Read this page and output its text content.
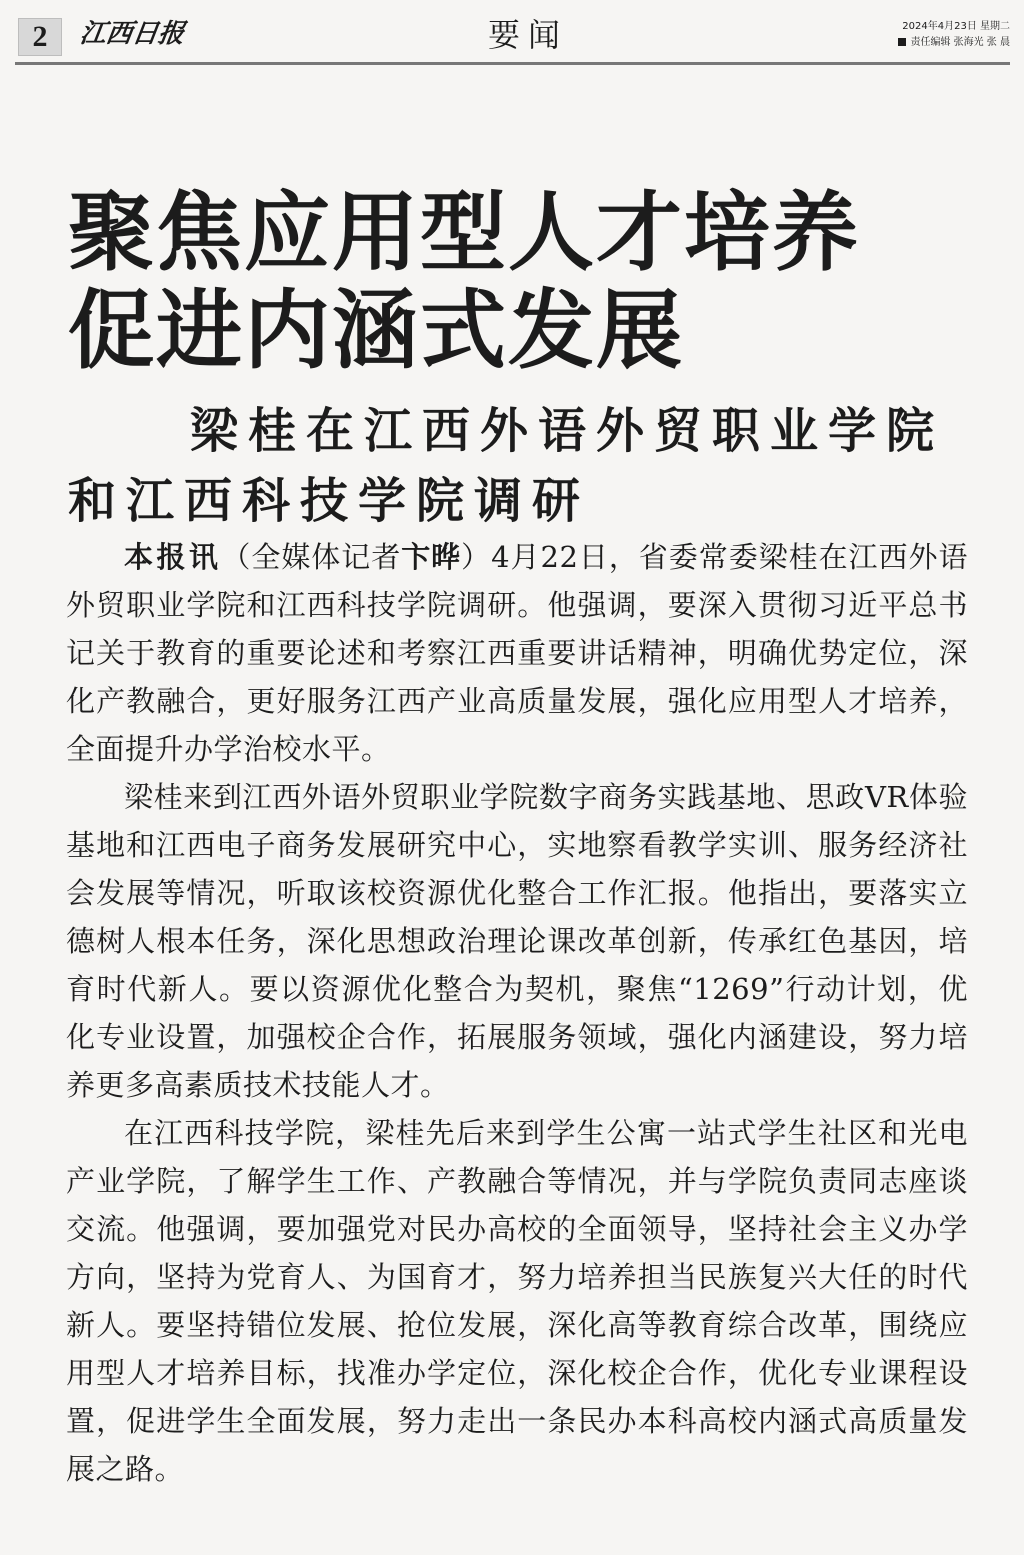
2	江西日报	要闻	2024年4月23日 星期二
责任编辑 张海光 张 晨
聚焦应用型人才培养
促进内涵式发展
梁桂在江西外语外贸职业学院
和江西科技学院调研

本报讯（全媒体记者卞晔）4月22日，省委常委梁桂在江西外语外贸职业学院和江西科技学院调研。他强调，要深入贯彻习近平总书记关于教育的重要论述和考察江西重要讲话精神，明确优势定位，深化产教融合，更好服务江西产业高质量发展，强化应用型人才培养，全面提升办学治校水平。

梁桂来到江西外语外贸职业学院数字商务实践基地、思政VR体验基地和江西电子商务发展研究中心，实地察看教学实训、服务经济社会发展等情况，听取该校资源优化整合工作汇报。他指出，要落实立德树人根本任务，深化思想政治理论课改革创新，传承红色基因，培育时代新人。要以资源优化整合为契机，聚焦“1269”行动计划，优化专业设置，加强校企合作，拓展服务领域，强化内涵建设，努力培养更多高素质技术技能人才。

在江西科技学院，梁桂先后来到学生公寓一站式学生社区和光电产业学院，了解学生工作、产教融合等情况，并与学院负责同志座谈交流。他强调，要加强党对民办高校的全面领导，坚持社会主义办学方向，坚持为党育人、为国育才，努力培养担当民族复兴大任的时代新人。要坚持错位发展、抢位发展，深化高等教育综合改革，围绕应用型人才培养目标，找准办学定位，深化校企合作，优化专业课程设置，促进学生全面发展，努力走出一条民办本科高校内涵式高质量发展之路。
